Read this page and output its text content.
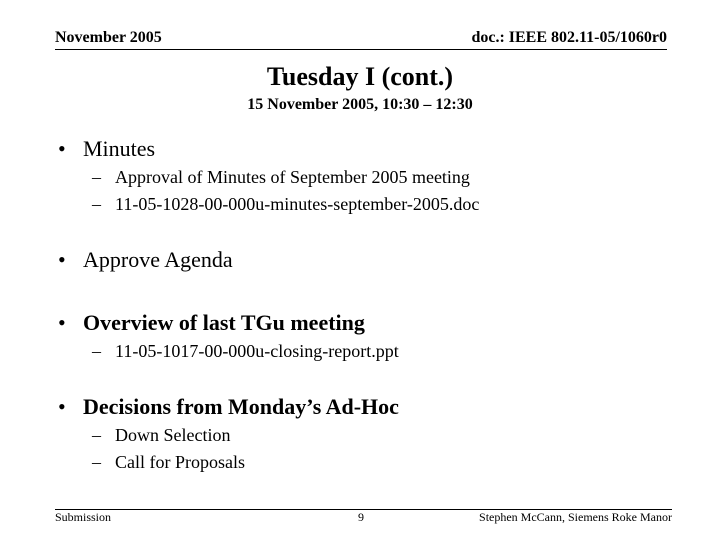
November 2005	doc.: IEEE 802.11-05/1060r0
Tuesday I (cont.)
15 November 2005, 10:30 – 12:30
• Minutes
– Approval of Minutes of September 2005 meeting
– 11-05-1028-00-000u-minutes-september-2005.doc
• Approve Agenda
• Overview of last TGu meeting
– 11-05-1017-00-000u-closing-report.ppt
• Decisions from Monday’s Ad-Hoc
– Down Selection
– Call for Proposals
Submission	9	Stephen McCann, Siemens Roke Manor
